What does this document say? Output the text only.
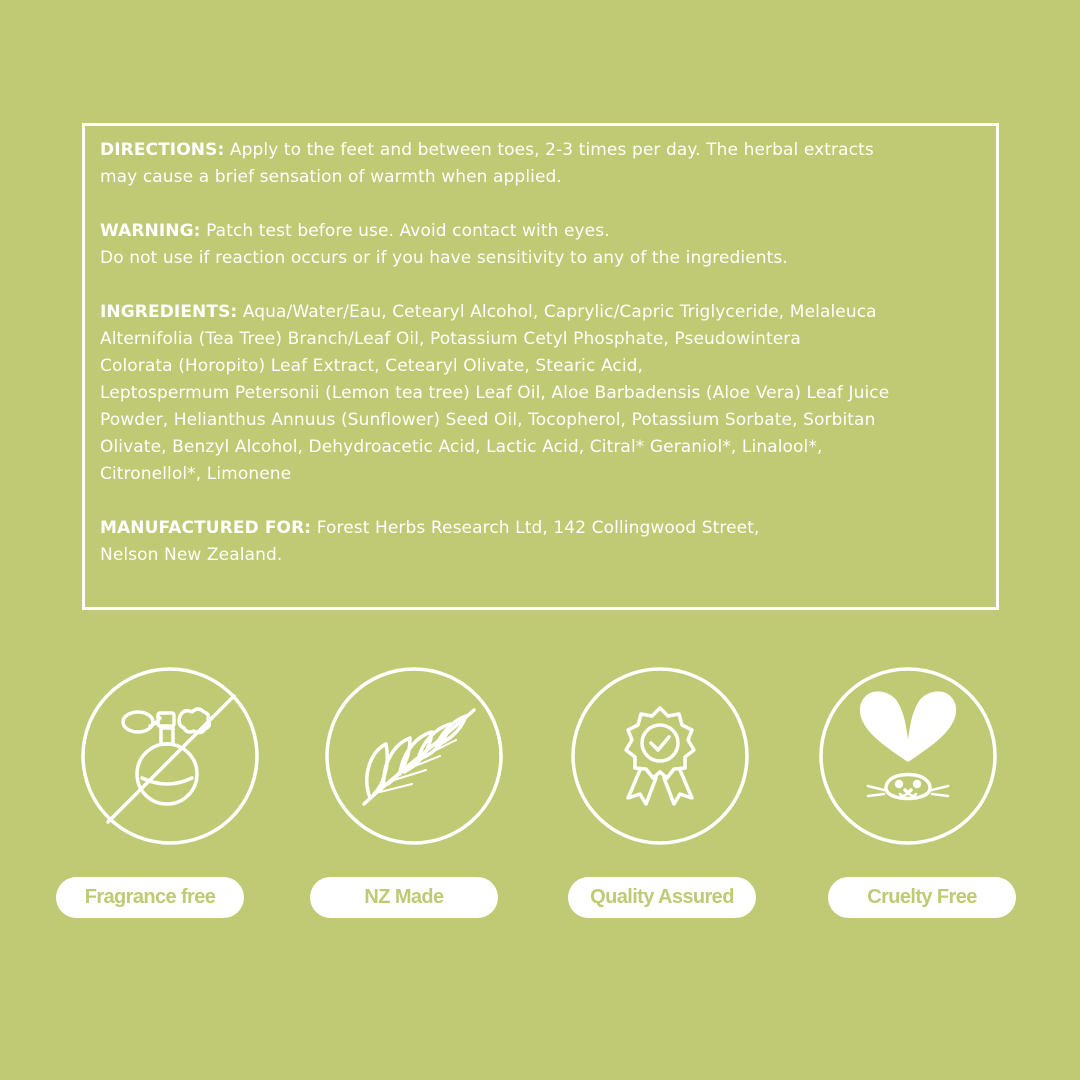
DIRECTIONS: Apply to the feet and between toes, 2-3 times per day. The herbal extracts
may cause a brief sensation of warmth when applied.
WARNING: Patch test before use. Avoid contact with eyes.
Do not use if reaction occurs or if you have sensitivity to any of the ingredients.
INGREDIENTS: Aqua/Water/Eau, Cetearyl Alcohol, Caprylic/Capric Triglyceride, Melaleuca
Alternifolia (Tea Tree) Branch/Leaf Oil, Potassium Cetyl Phosphate, Pseudowintera
Colorata (Horopito) Leaf Extract, Cetearyl Olivate, Stearic Acid,
Leptospermum Petersonii (Lemon tea tree) Leaf Oil, Aloe Barbadensis (Aloe Vera) Leaf Juice
Powder, Helianthus Annuus (Sunflower) Seed Oil, Tocopherol, Potassium Sorbate, Sorbitan
Olivate, Benzyl Alcohol, Dehydroacetic Acid, Lactic Acid, Citral* Geraniol*, Linalool*,
Citronellol*, Limonene
MANUFACTURED FOR: Forest Herbs Research Ltd, 142 Collingwood Street,
Nelson New Zealand.
Fragrance free	NZ Made	Quality Assured	Cruelty Free
